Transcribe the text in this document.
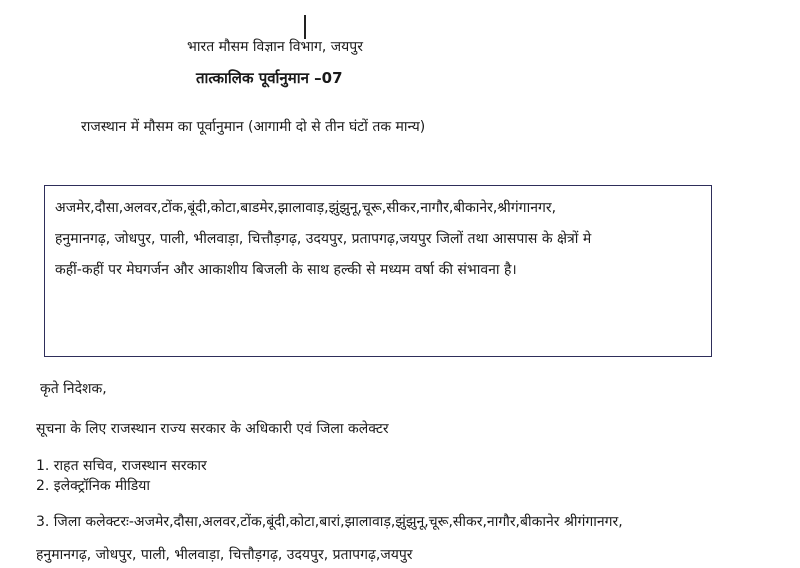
भारत मौसम विज्ञान विभाग, जयपुर
तात्कालिक पूर्वानुमान –07
राजस्थान में मौसम का पूर्वानुमान (आगामी दो से तीन घंटों तक मान्य)
अजमेर,दौसा,अलवर,टोंक,बूंदी,कोटा,बाडमेर,झालावाड़,झुंझुनू,चूरू,सीकर,नागौर,बीकानेर,श्रीगंगानगर,
हनुमानगढ़, जोधपुर, पाली, भीलवाड़ा, चित्तौड़गढ़, उदयपुर, प्रतापगढ़,जयपुर जिलों तथा आसपास के क्षेत्रों मे
कहीं-कहीं पर मेघगर्जन और आकाशीय बिजली के साथ हल्की से मध्यम वर्षा की संभावना है।
कृते निदेशक,
सूचना के लिए राजस्थान राज्य सरकार के अधिकारी एवं जिला कलेक्टर
1. राहत सचिव, राजस्थान सरकार
2. इलेक्ट्रॉनिक मीडिया
3. जिला कलेक्टरः-अजमेर,दौसा,अलवर,टोंक,बूंदी,कोटा,बारां,झालावाड़,झुंझुनू,चूरू,सीकर,नागौर,बीकानेर श्रीगंगानगर,
हनुमानगढ़, जोधपुर, पाली, भीलवाड़ा, चित्तौड़गढ़, उदयपुर, प्रतापगढ़,जयपुर
